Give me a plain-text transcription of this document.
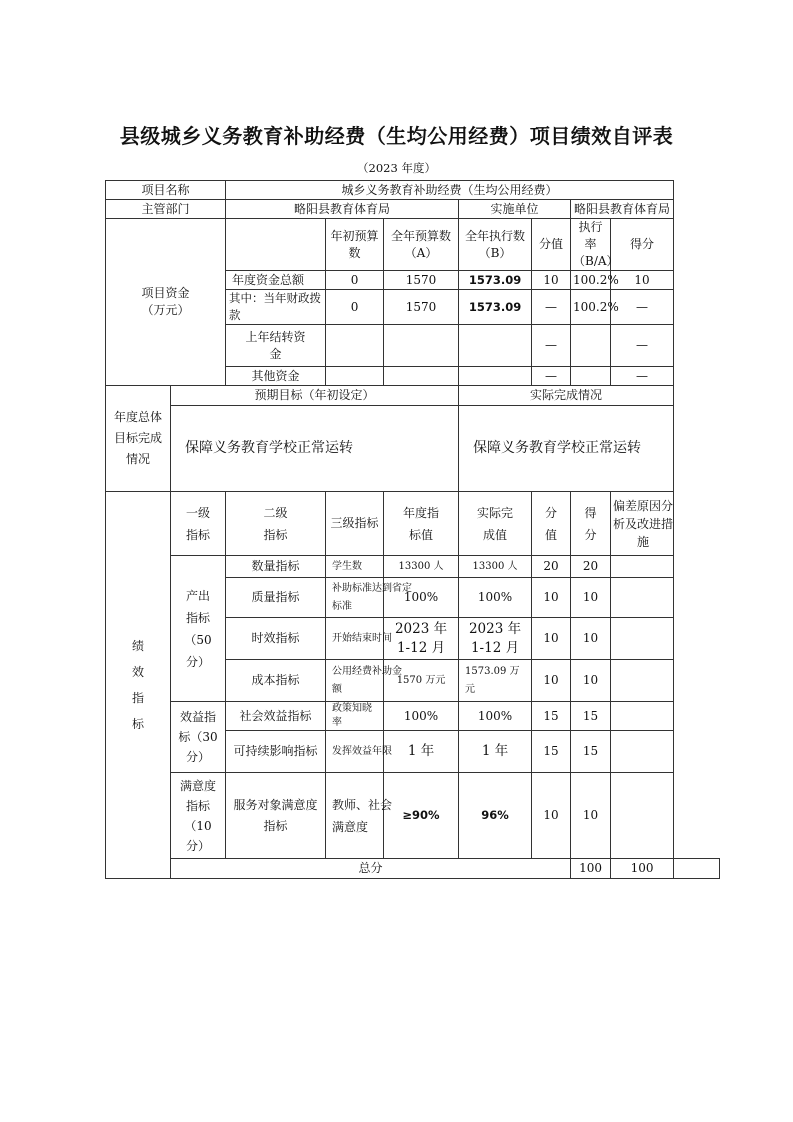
县级城乡义务教育补助经费（生均公用经费）项目绩效自评表
（2023 年度）
项目名称		城乡义务教育补助经费（生均公用经费）							
主管部门		略阳县教育体育局			实施单位		略阳县教育体育局		
项目资金（万元）			年初预算数	全年预算数（A）	全年执行数（B）	分值	执行率（B/A）	得分	
		年度资金总额	0	1570	1573.09	10	100.2%	10	
		其中：当年财政拨款	0	1570	1573.09	—	100.2%	—	
		上年结转资金				—		—	
		其他资金				—		—	

年度总体目标完成情况	预期目标（年初设定）				实际完成情况				
	保障义务教育学校正常运转				保障义务教育学校正常运转				
绩效指标	一级指标	二级指标	三级指标	年度指标值	实际完成值	分值	得分	偏差原因分析及改进措施	
	产出指标（50分）	数量指标	学生数	13300 人	13300 人	20	20		
		质量指标	补助标准达到省定标准	100%	100%	10	10		
		时效指标	开始结束时间	2023 年 1-12 月	2023 年 1-12 月	10	10		
		成本指标	公用经费补助金额	1570 万元	1573.09 万元	10	10		
	效益指标（30分）	社会效益指标	政策知晓率	100%	100%	15	15		
		可持续影响指标	发挥效益年限	1 年	1 年	15	15		
	满意度指标（10分）	服务对象满意度指标	教师、社会满意度	≥90%	96%	10	10		
	总分						100	100	
